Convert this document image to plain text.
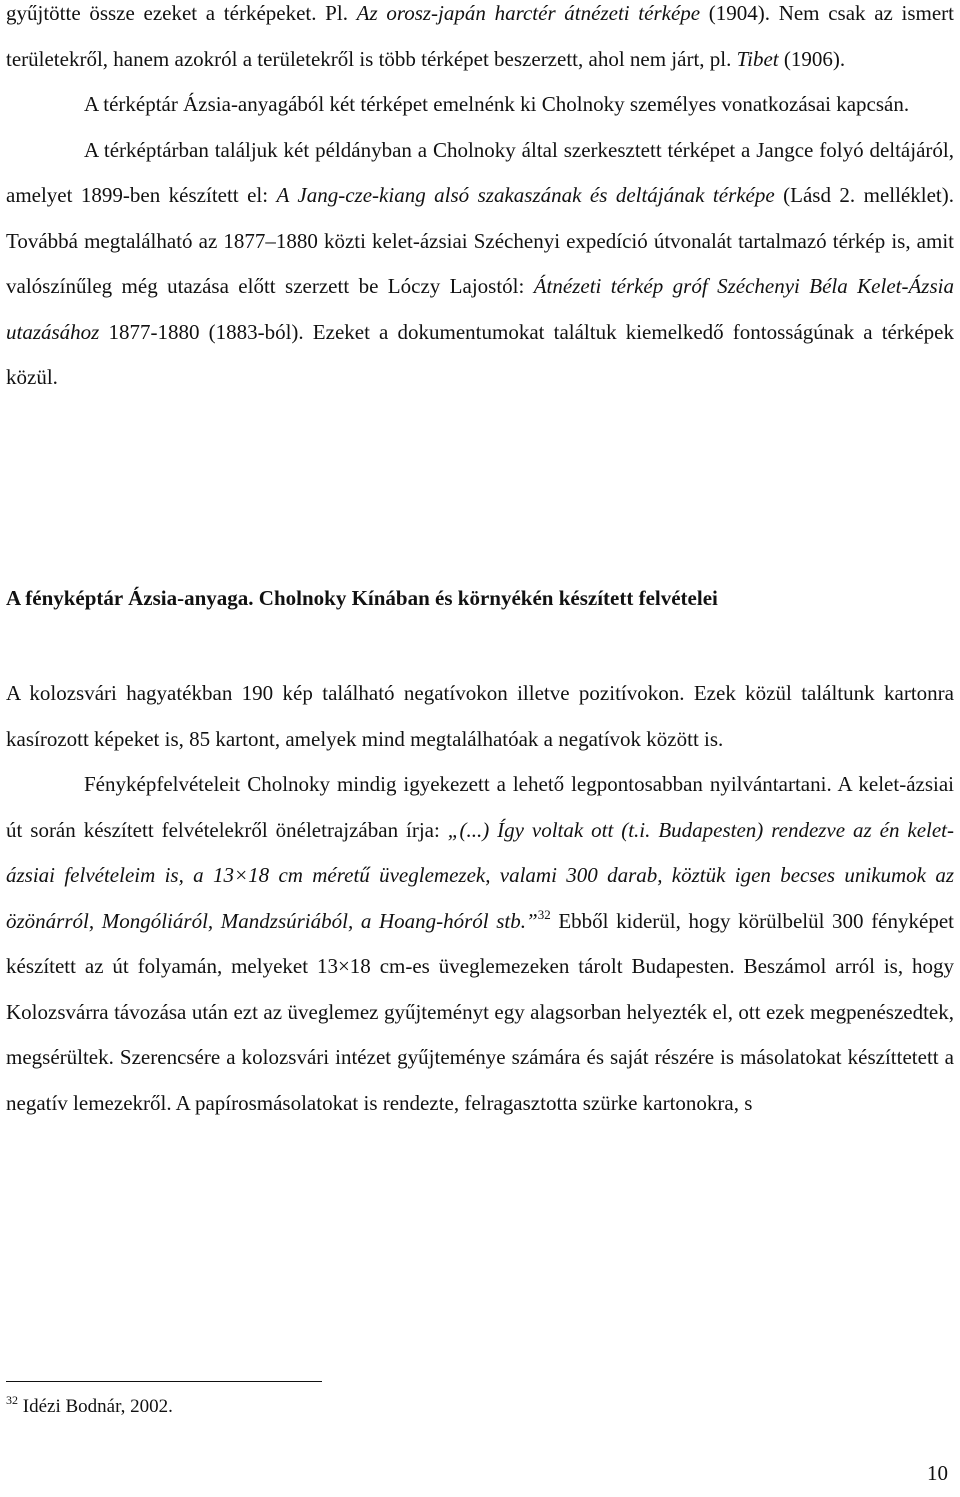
gyűjtötte össze ezeket a térképeket. Pl. Az orosz-japán harctér átnézeti térképe (1904). Nem csak az ismert területekről, hanem azokról a területekről is több térképet beszerzett, ahol nem járt, pl. Tibet (1906).

A térképtár Ázsia-anyagából két térképet emelnénk ki Cholnoky személyes vonatkozásai kapcsán.

A térképtárban találjuk két példányban a Cholnoky által szerkesztett térképet a Jangce folyó deltájáról, amelyet 1899-ben készített el: A Jang-cze-kiang alsó szakaszának és deltájának térképe (Lásd 2. melléklet). Továbbá megtalálható az 1877–1880 közti kelet-ázsiai Széchenyi expedíció útvonalát tartalmazó térkép is, amit valószínűleg még utazása előtt szerzett be Lóczy Lajostól: Átnézeti térkép gróf Széchenyi Béla Kelet-Ázsia utazásához 1877-1880 (1883-ból). Ezeket a dokumentumokat találtuk kiemelkedő fontosságúnak a térképek közül.

A fényképtár Ázsia-anyaga. Cholnoky Kínában és környékén készített felvételei

A kolozsvári hagyatékban 190 kép található negatívokon illetve pozitívokon. Ezek közül találtunk kartonra kasírozott képeket is, 85 kartont, amelyek mind megtalálhatóak a negatívok között is.

Fényképfelvételeit Cholnoky mindig igyekezett a lehető legpontosabban nyilvántartani. A kelet-ázsiai út során készített felvételekről önéletrajzában írja: „(...) Így voltak ott (t.i. Budapesten) rendezve az én kelet-ázsiai felvételeim is, a 13×18 cm méretű üveglemezek, valami 300 darab, köztük igen becses unikumok az özönárról, Mongóliáról, Mandzsúriából, a Hoang-hóról stb.”$^{32}$ Ebből kiderül, hogy körülbelül 300 fényképet készített az út folyamán, melyeket 13×18 cm-es üveglemezeken tárolt Budapesten. Beszámol arról is, hogy Kolozsvárra távozása után ezt az üveglemez gyűjteményt egy alagsorban helyezték el, ott ezek megpenészedtek, megsérültek. Szerencsére a kolozsvári intézet gyűjteménye számára és saját részére is másolatokat készíttetett a negatív lemezekről. A papírosmásolatokat is rendezte, felragasztotta szürke kartonokra, s

$^{32}$ Idézi Bodnár, 2002.
10
